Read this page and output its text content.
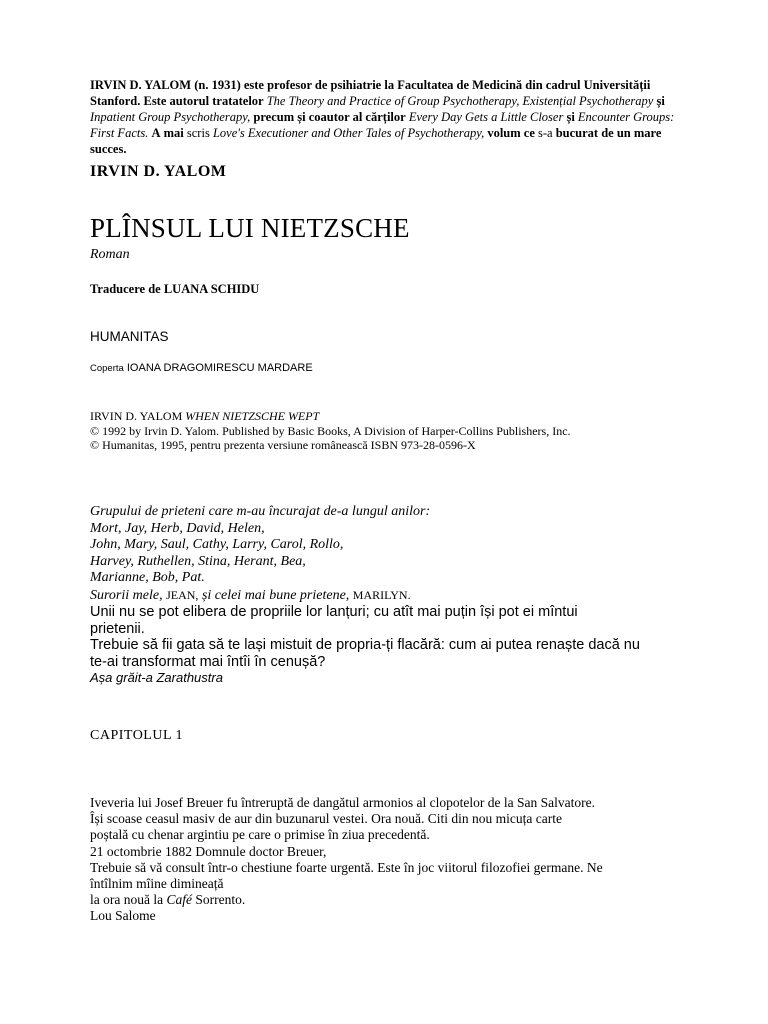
IRVIN D. YALOM (n. 1931) este profesor de psihiatrie la Facultatea de Medicină din cadrul Universității Stanford. Este autorul tratatelor The Theory and Practice of Group Psychotherapy, Existențial Psychotherapy și Inpatient Group Psychotherapy, precum și coautor al cărților Every Day Gets a Little Closer și Encounter Groups: First Facts. A mai scris Love's Executioner and Other Tales of Psychotherapy, volum ce s-a bucurat de un mare succes.

IRVIN D. YALOM
PLÎNSUL LUI NIETZSCHE
Roman
Traducere de LUANA SCHIDU
HUMANITAS
Coperta IOANA DRAGOMIRESCU MARDARE
IRVIN D. YALOM WHEN NIETZSCHE WEPT
© 1992 by Irvin D. Yalom. Published by Basic Books, A Division of Harper-Collins Publishers, Inc.
© Humanitas, 1995, pentru prezenta versiune românească ISBN 973-28-0596-X
Grupului de prieteni care m-au încurajat de-a lungul anilor:
Mort, Jay, Herb, David, Helen,
John, Mary, Saul, Cathy, Larry, Carol, Rollo,
Harvey, Ruthellen, Stina, Herant, Bea,
Marianne, Bob, Pat.
Surorii mele, JEAN, și celei mai bune prietene, MARILYN.
Unii nu se pot elibera de propriile lor lanțuri; cu atît mai puțin își pot ei mîntui
prietenii.
Trebuie să fii gata să te lași mistuit de propria-ți flacără: cum ai putea renaște dacă nu
te-ai transformat mai întîi în cenușă?
Așa grăit-a Zarathustra
CAPITOLUL 1
Iveveria lui Josef Breuer fu întreruptă de dangătul armonios al clopotelor de la San Salvatore.
Își scoase ceasul masiv de aur din buzunarul vestei. Ora nouă. Citi din nou micuța carte
poștală cu chenar argintiu pe care o primise în ziua precedentă.
21 octombrie 1882 Domnule doctor Breuer,
Trebuie să vă consult într-o chestiune foarte urgentă. Este în joc viitorul filozofiei germane. Ne
întîlnim mîine dimineață
la ora nouă la Café Sorrento.
Lou Salome
